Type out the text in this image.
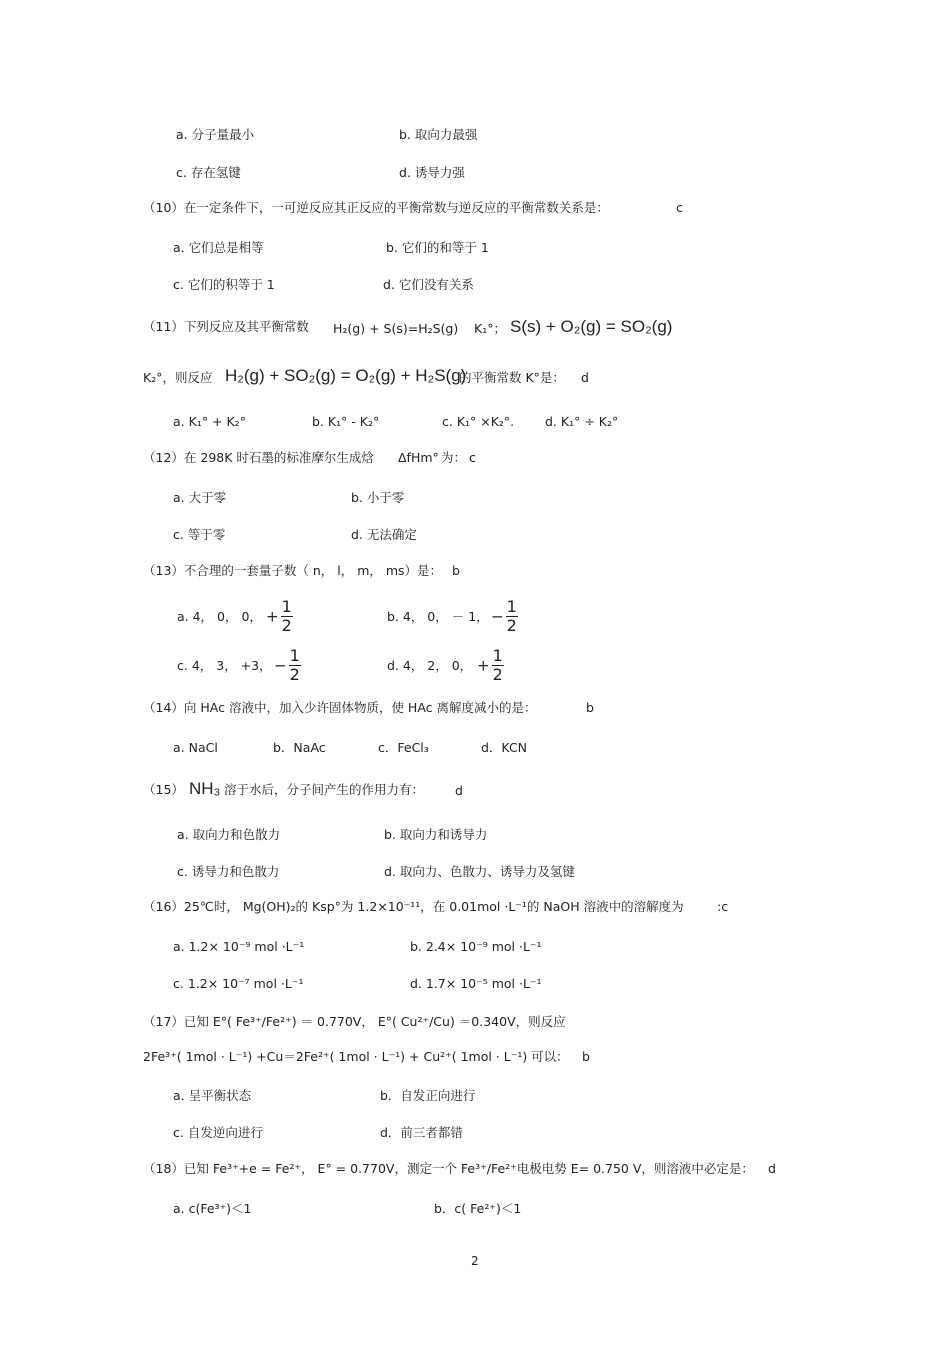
a. 分子量最小	b. 取向力最强
c. 存在氢键	d. 诱导力强
（10）在一定条件下，一可逆反应其正反应的平衡常数与逆反应的平衡常数关系是：	c
a. 它们总是相等	b. 它们的和等于 1
c. 它们的积等于 1	d. 它们没有关系
（11）下列反应及其平衡常数 H₂(g) + S(s)=H₂S(g) K₁°； S(s) + O₂(g) = SO₂(g)
K₂°，则反应 H₂(g) + SO₂(g) = O₂(g) + H₂S(g)
的平衡常数 K°是： d
a. K₁° + K₂°	b. K₁° - K₂°	c. K₁° ×K₂°. d. K₁° ÷ K₂°
（12）在 298K 时石墨的标准摩尔生成焓 ΔfHm° 为： c
a. 大于零	b. 小于零
c. 等于零	d. 无法确定
（13）不合理的一套量子数（ n， l， m， ms）是： b
a. 4， 0， 0， + $\frac{1}{2}$	b. 4， 0， － 1， − $\frac{1}{2}$
c. 4， 3， +3， − $\frac{1}{2}$	d. 4， 2， 0， + $\frac{1}{2}$
（14）向 HAc 溶液中，加入少许固体物质，使 HAc 离解度减小的是：	b
a. NaCl	b．NaAc	c．FeCl₃	d．KCN
（15） NH₃ 溶于水后，分子间产生的作用力有： d
a. 取向力和色散力	b. 取向力和诱导力
c. 诱导力和色散力	d. 取向力、色散力、诱导力及氢键
（16）25℃时， Mg(OH)₂的 Ksp°为 1.2×10⁻¹¹，在 0.01mol ·L⁻¹的 NaOH 溶液中的溶解度为	:c
a. 1.2× 10⁻⁹ mol ·L⁻¹	b. 2.4× 10⁻⁹ mol ·L⁻¹
c. 1.2× 10⁻⁷ mol ·L⁻¹	d. 1.7× 10⁻⁵ mol ·L⁻¹
（17）已知 E°( Fe³⁺/Fe²⁺) ＝ 0.770V， E°( Cu²⁺/Cu) ＝0.340V，则反应
2Fe³⁺( 1mol · L⁻¹) +Cu＝2Fe²⁺( 1mol · L⁻¹) + Cu²⁺( 1mol · L⁻¹) 可以： b
a. 呈平衡状态	b．自发正向进行
c. 自发逆向进行	d．前三者都错
（18）已知 Fe³⁺+e = Fe²⁺， E° = 0.770V，测定一个 Fe³⁺/Fe²⁺电极电势 E= 0.750 V，则溶液中必定是： d
a. c(Fe³⁺)＜1	b．c( Fe²⁺)＜1
2
